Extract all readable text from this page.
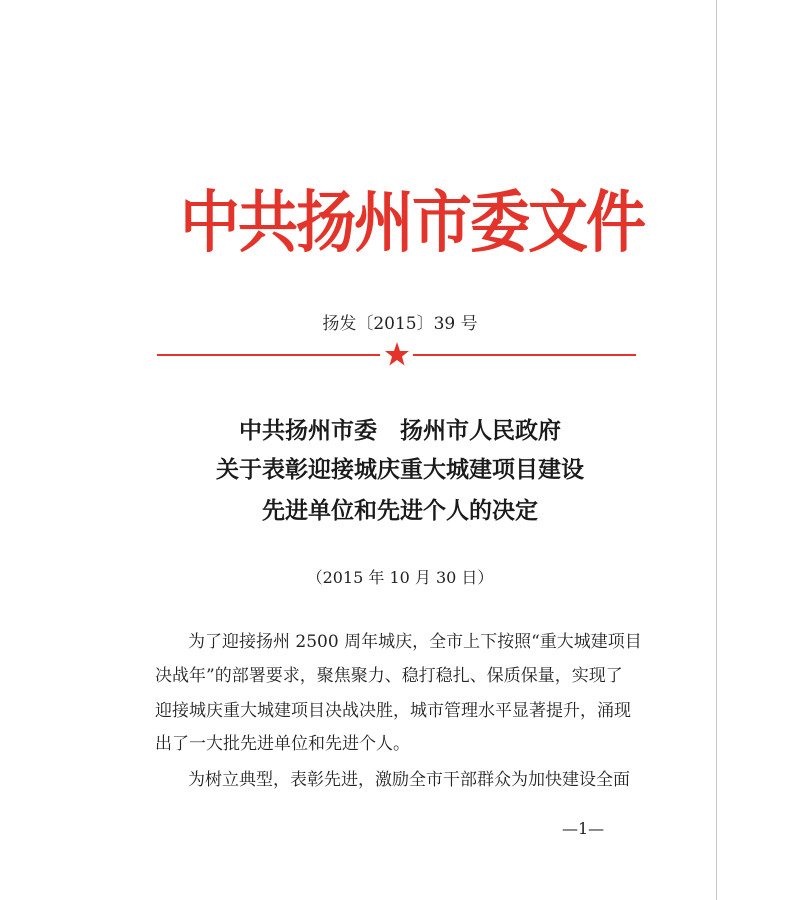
中共扬州市委文件
扬发〔2015〕39 号
中共扬州市委　扬州市人民政府
关于表彰迎接城庆重大城建项目建设
先进单位和先进个人的决定
（2015 年 10 月 30 日）
为了迎接扬州 2500 周年城庆，全市上下按照“重大城建项目
决战年”的部署要求，聚焦聚力、稳打稳扎、保质保量，实现了
迎接城庆重大城建项目决战决胜，城市管理水平显著提升，涌现
出了一大批先进单位和先进个人。
为树立典型，表彰先进，激励全市干部群众为加快建设全面
—1—
